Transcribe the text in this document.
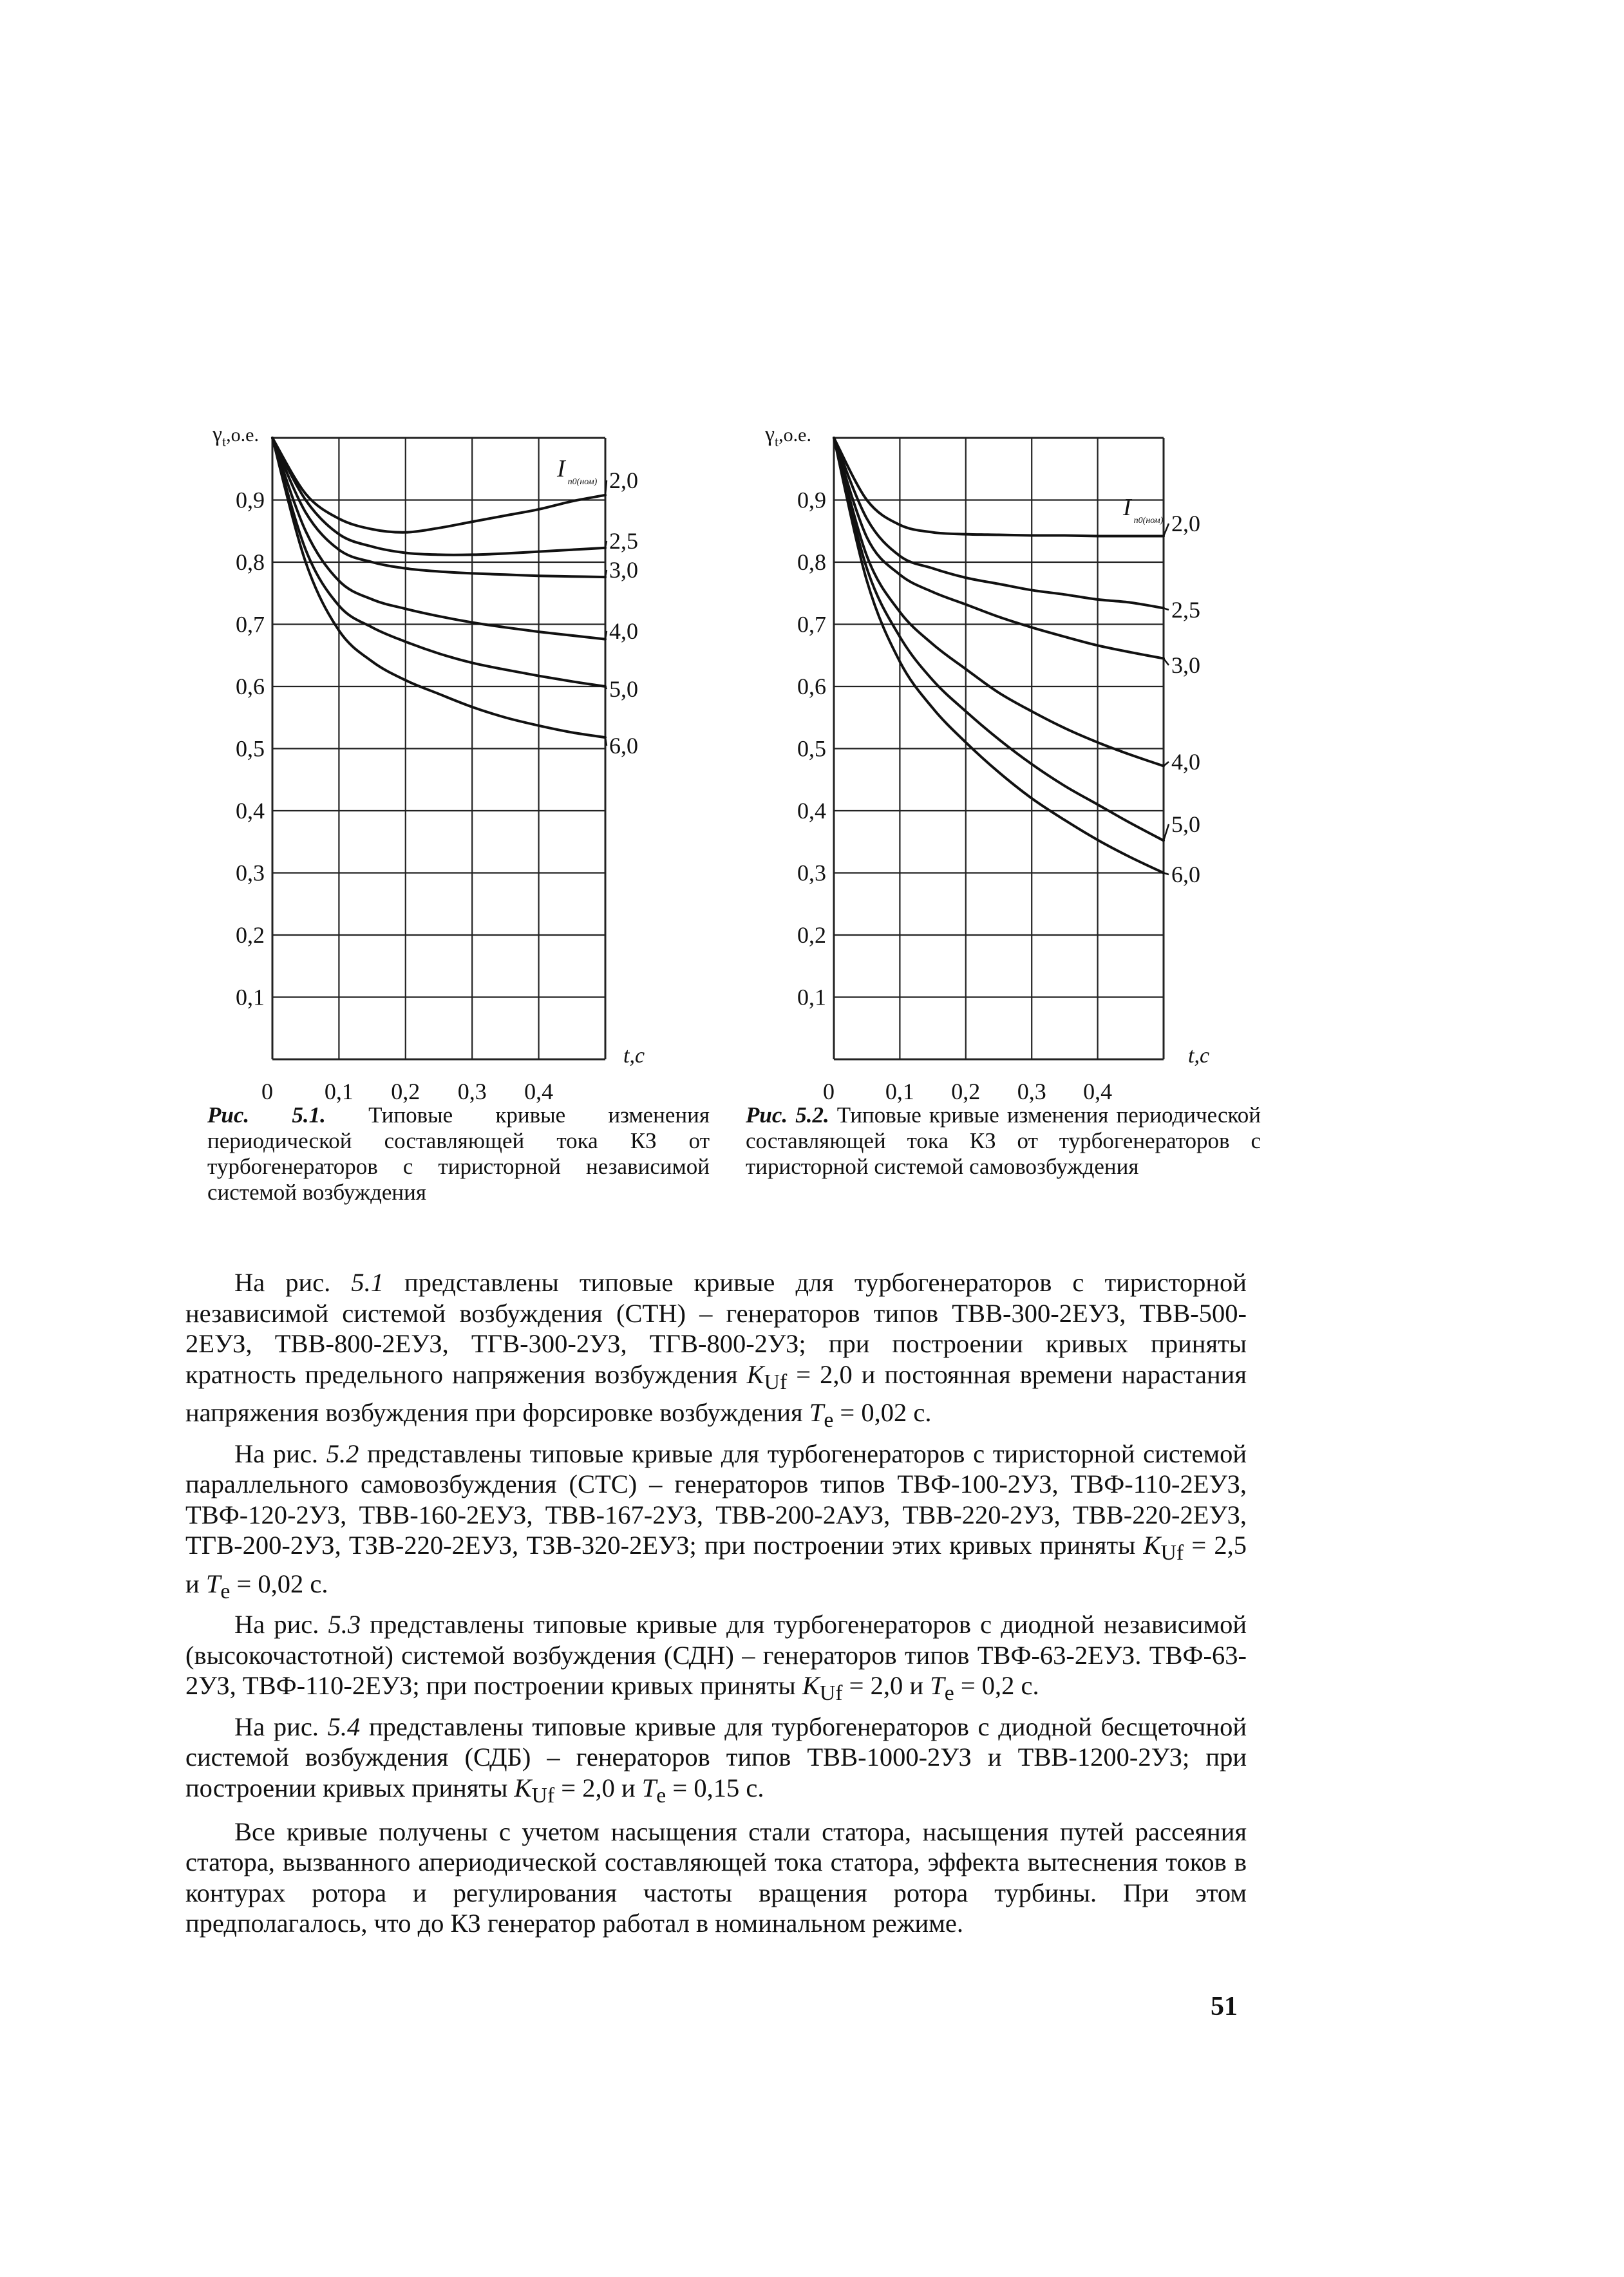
$\gamma_t,о.е$.
I $_{п0(ном)}$
t,c
0,9
0,8
0,7
0,6
0,5
0,4
0,3
0,2
0,1
0 0,1 0,2 0,3 0,4
2,0
2,5
3,0
4,0
5,0
6,0
Рис. 5.1. Типовые кривые изменения периодической составляющей тока КЗ от турбогенераторов с тиристорной независимой системой возбуждения
$\gamma_t,о.е$.
I $_{п0(ном)}$
t,c
0,9
0,8
0,7
0,6
0,5
0,4
0,3
0,2
0,1
0 0,1 0,2 0,3 0,4
2,0
2,5
3,0
4,0
5,0
6,0
Рис. 5.2. Типовые кривые изменения периодической составляющей тока КЗ от турбогенераторов с тиристорной системой самовозбуждения

На рис. 5.1 представлены типовые кривые для турбогенераторов с тиристорной независимой системой возбуждения (СТН) – генераторов типов ТВВ-300-2ЕУЗ, ТВВ-500-2ЕУЗ, ТВВ-800-2ЕУЗ, ТГВ-300-2УЗ, ТГВ-800-2УЗ; при построении кривых приняты кратность предельного напряжения возбуждения $K_{Uf} = 2,0$ и постоянная времени нарастания напряжения возбуждения при форсировке возбуждения $T_e = 0,02$ с.

На рис. 5.2 представлены типовые кривые для турбогенераторов с тиристорной системой параллельного самовозбуждения (СТС) – генераторов типов ТВФ-100-2УЗ, ТВФ-110-2ЕУЗ, ТВФ-120-2УЗ, ТВВ-160-2ЕУЗ, ТВВ-167-2УЗ, ТВВ-200-2АУЗ, ТВВ-220-2УЗ, ТВВ-220-2ЕУЗ, ТГВ-200-2УЗ, ТЗВ-220-2ЕУЗ, ТЗВ-320-2ЕУЗ; при построении этих кривых приняты $K_{Uf} = 2,5$ и $T_e = 0,02$ с.

На рис. 5.3 представлены типовые кривые для турбогенераторов с диодной независимой (высокочастотной) системой возбуждения (СДН) – генераторов типов ТВФ-63-2ЕУЗ. ТВФ-63-2УЗ, ТВФ-110-2ЕУЗ; при построении кривых приняты $K_{Uf} = 2,0$ и $T_e = 0,2$ с.

На рис. 5.4 представлены типовые кривые для турбогенераторов с диодной бесщеточной системой возбуждения (СДБ) – генераторов типов ТВВ-1000-2УЗ и ТВВ-1200-2УЗ; при построении кривых приняты $K_{Uf} = 2,0$ и $T_e = 0,15$ с.

Все кривые получены с учетом насыщения стали статора, насыщения путей рассеяния статора, вызванного апериодической составляющей тока статора, эффекта вытеснения токов в контурах ротора и регулирования частоты вращения ротора турбины. При этом предполагалось, что до КЗ генератор работал в номинальном режиме.

51
